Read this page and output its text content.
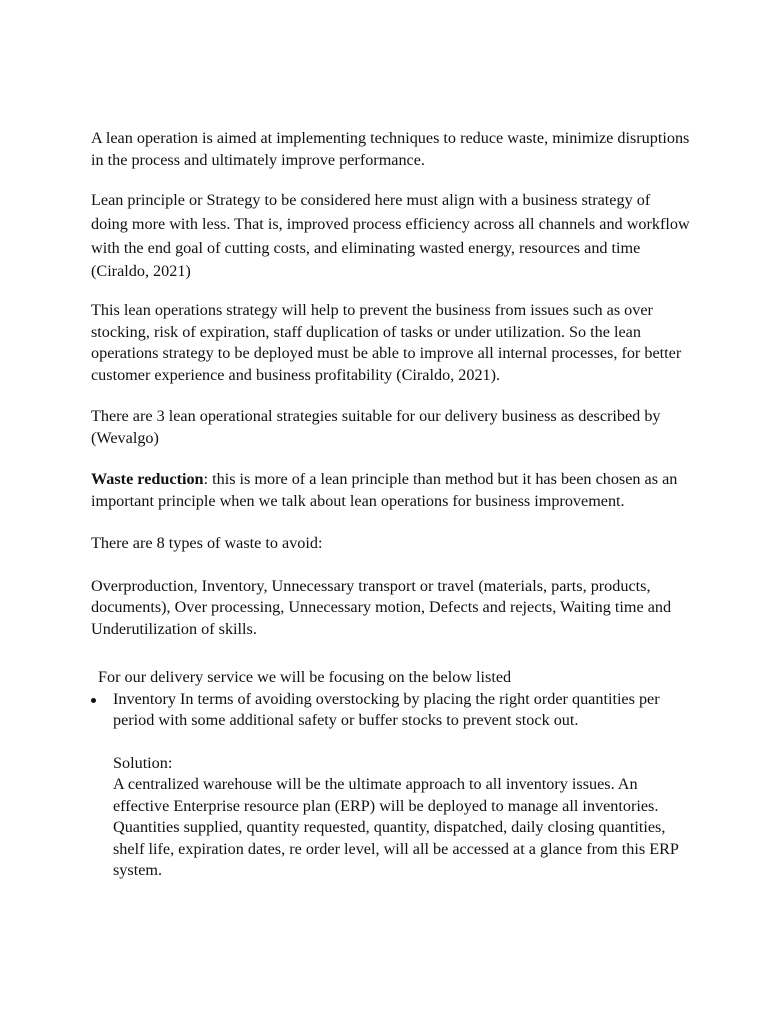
A lean operation is aimed at implementing techniques to reduce waste, minimize disruptions in the process and ultimately improve performance.

Lean principle or Strategy to be considered here must align with a business strategy of doing more with less. That is, improved process efficiency across all channels and workflow with the end goal of cutting costs, and eliminating wasted energy, resources and time (Ciraldo, 2021)

This lean operations strategy will help to prevent the business from issues such as over stocking, risk of expiration, staff duplication of tasks or under utilization. So the lean operations strategy to be deployed must be able to improve all internal processes, for better customer experience and business profitability (Ciraldo, 2021).

There are 3 lean operational strategies suitable for our delivery business as described by (Wevalgo)

Waste reduction: this is more of a lean principle than method but it has been chosen as an important principle when we talk about lean operations for business improvement.

There are 8 types of waste to avoid:

Overproduction, Inventory, Unnecessary transport or travel (materials, parts, products, documents), Over processing, Unnecessary motion, Defects and rejects, Waiting time and Underutilization of skills.

For our delivery service we will be focusing on the below listed

Inventory In terms of avoiding overstocking by placing the right order quantities per period with some additional safety or buffer stocks to prevent stock out.
Solution:
A centralized warehouse will be the ultimate approach to all inventory issues. An effective Enterprise resource plan (ERP) will be deployed to manage all inventories. Quantities supplied, quantity requested, quantity, dispatched, daily closing quantities, shelf life, expiration dates, re order level, will all be accessed at a glance from this ERP system.
